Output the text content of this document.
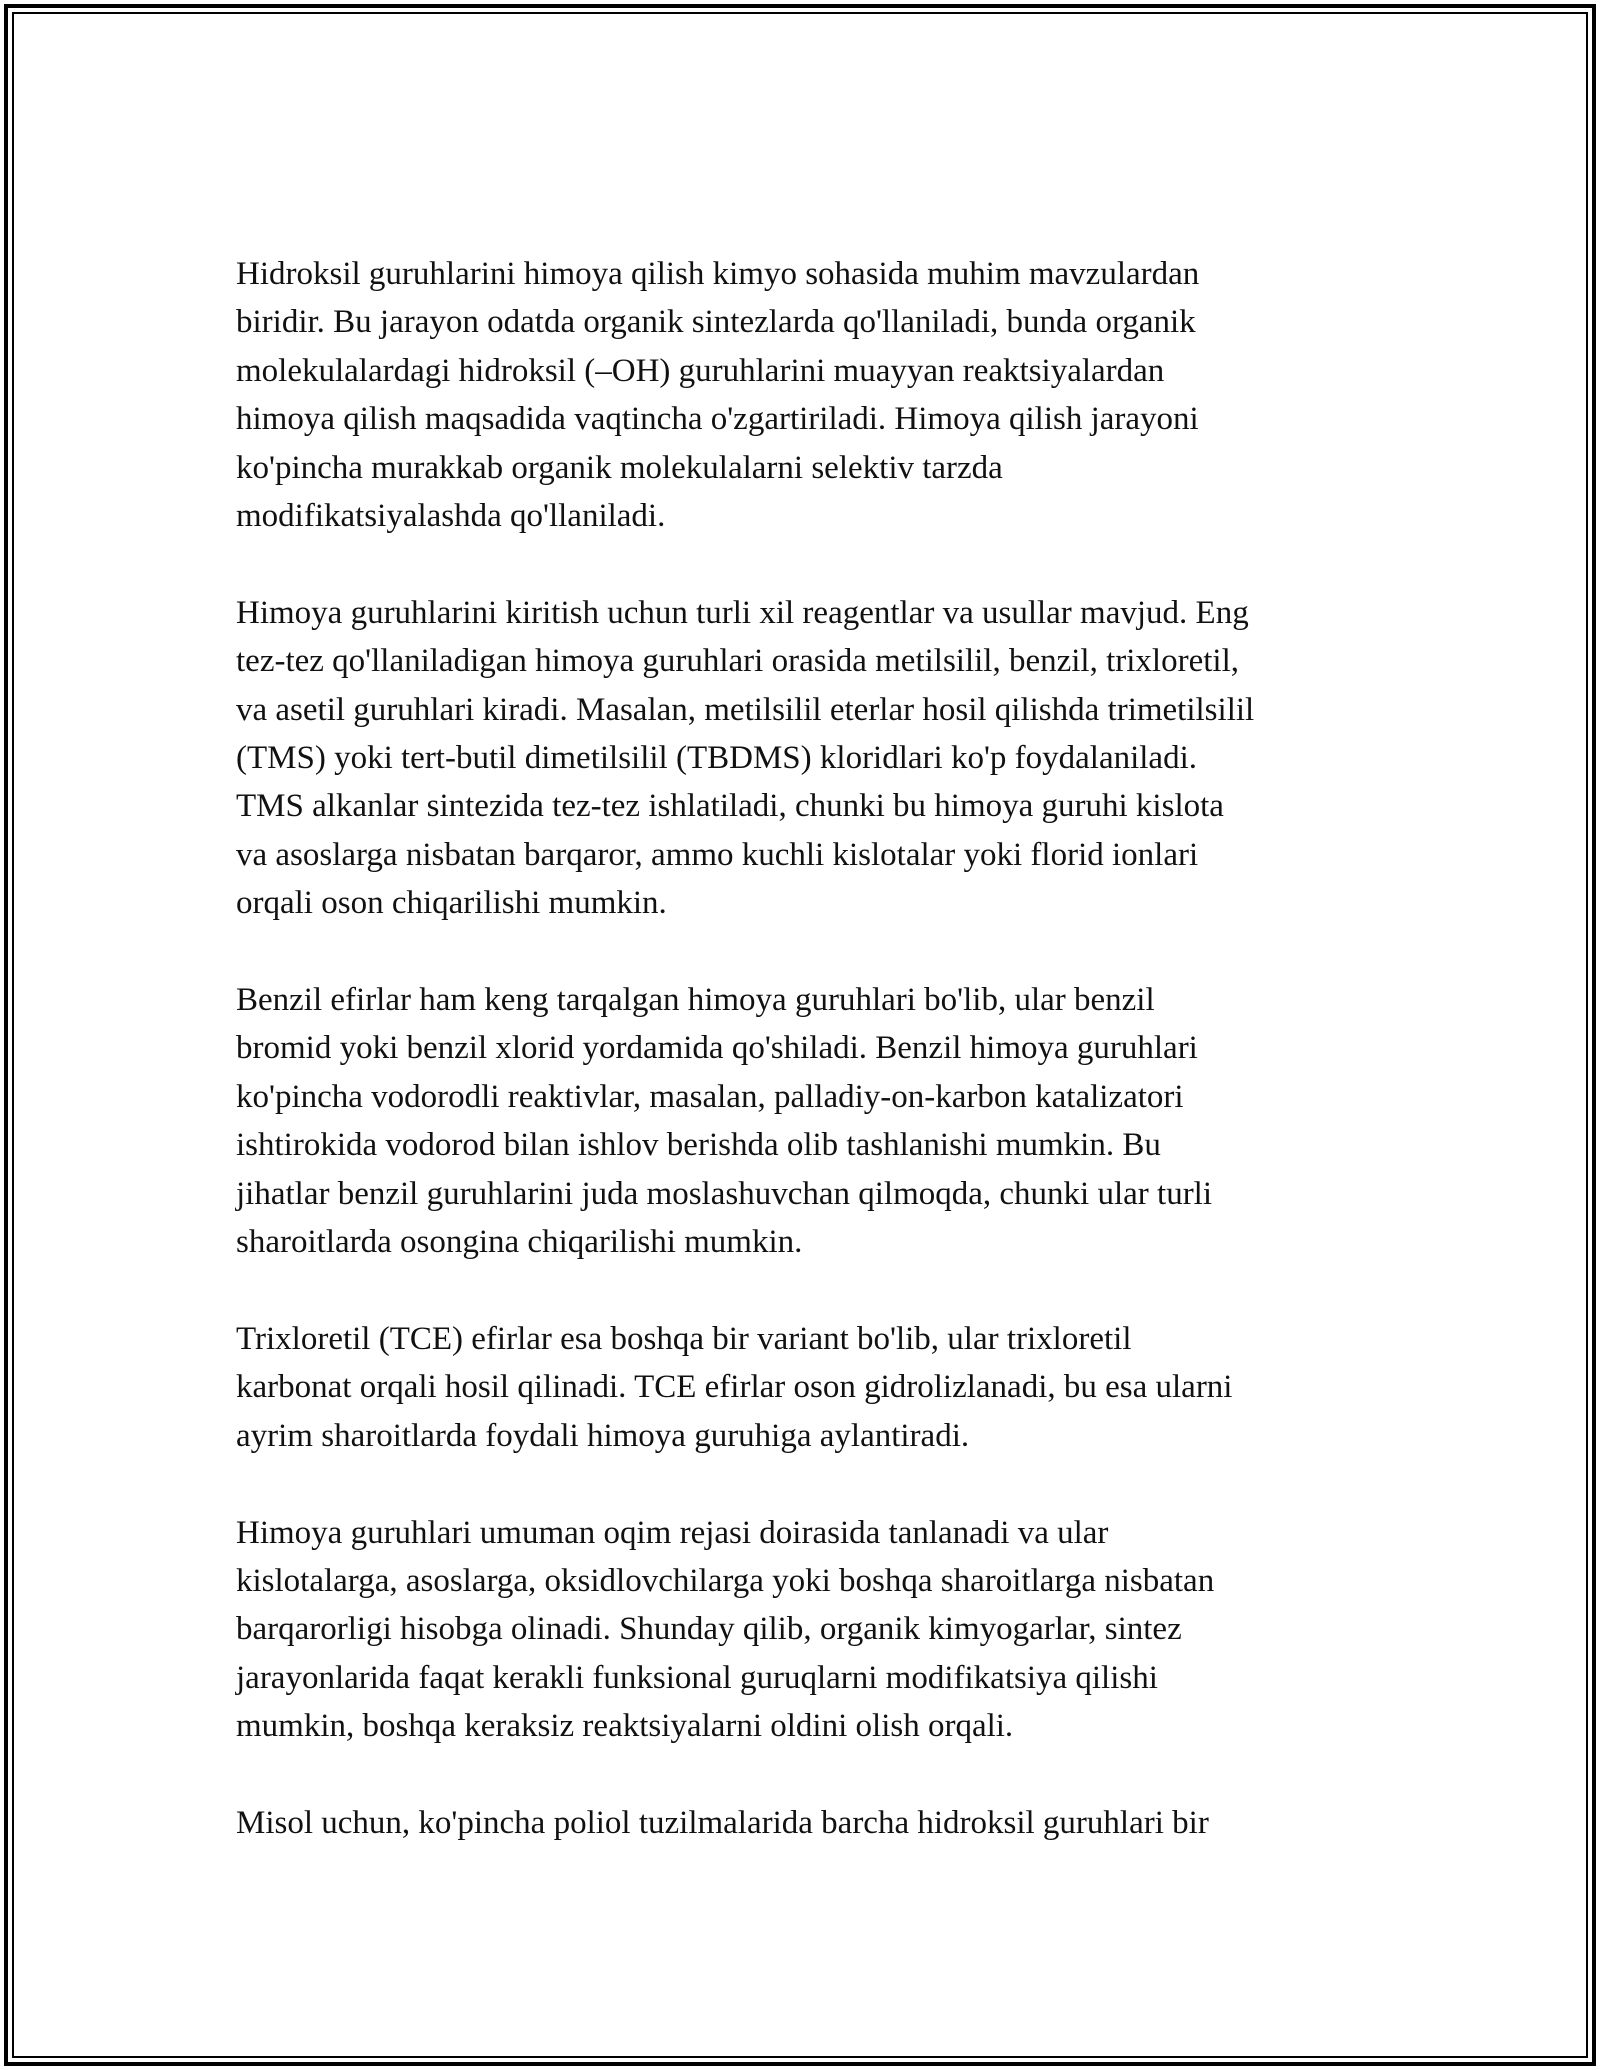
Hidroksil guruhlarini himoya qilish kimyo sohasida muhim mavzulardan
biridir. Bu jarayon odatda organik sintezlarda qo'llaniladi, bunda organik
molekulalardagi hidroksil (–OH) guruhlarini muayyan reaktsiyalardan
himoya qilish maqsadida vaqtincha o'zgartiriladi. Himoya qilish jarayoni
ko'pincha murakkab organik molekulalarni selektiv tarzda
modifikatsiyalashda qo'llaniladi.

Himoya guruhlarini kiritish uchun turli xil reagentlar va usullar mavjud. Eng
tez-tez qo'llaniladigan himoya guruhlari orasida metilsilil, benzil, trixloretil,
va asetil guruhlari kiradi. Masalan, metilsilil eterlar hosil qilishda trimetilsilil
(TMS) yoki tert-butil dimetilsilil (TBDMS) kloridlari ko'p foydalaniladi.
TMS alkanlar sintezida tez-tez ishlatiladi, chunki bu himoya guruhi kislota
va asoslarga nisbatan barqaror, ammo kuchli kislotalar yoki florid ionlari
orqali oson chiqarilishi mumkin.

Benzil efirlar ham keng tarqalgan himoya guruhlari bo'lib, ular benzil
bromid yoki benzil xlorid yordamida qo'shiladi. Benzil himoya guruhlari
ko'pincha vodorodli reaktivlar, masalan, palladiy-on-karbon katalizatori
ishtirokida vodorod bilan ishlov berishda olib tashlanishi mumkin. Bu
jihatlar benzil guruhlarini juda moslashuvchan qilmoqda, chunki ular turli
sharoitlarda osongina chiqarilishi mumkin.

Trixloretil (TCE) efirlar esa boshqa bir variant bo'lib, ular trixloretil
karbonat orqali hosil qilinadi. TCE efirlar oson gidrolizlanadi, bu esa ularni
ayrim sharoitlarda foydali himoya guruhiga aylantiradi.

Himoya guruhlari umuman oqim rejasi doirasida tanlanadi va ular
kislotalarga, asoslarga, oksidlovchilarga yoki boshqa sharoitlarga nisbatan
barqarorligi hisobga olinadi. Shunday qilib, organik kimyogarlar, sintez
jarayonlarida faqat kerakli funksional guruqlarni modifikatsiya qilishi
mumkin, boshqa keraksiz reaktsiyalarni oldini olish orqali.

Misol uchun, ko'pincha poliol tuzilmalarida barcha hidroksil guruhlari bir
